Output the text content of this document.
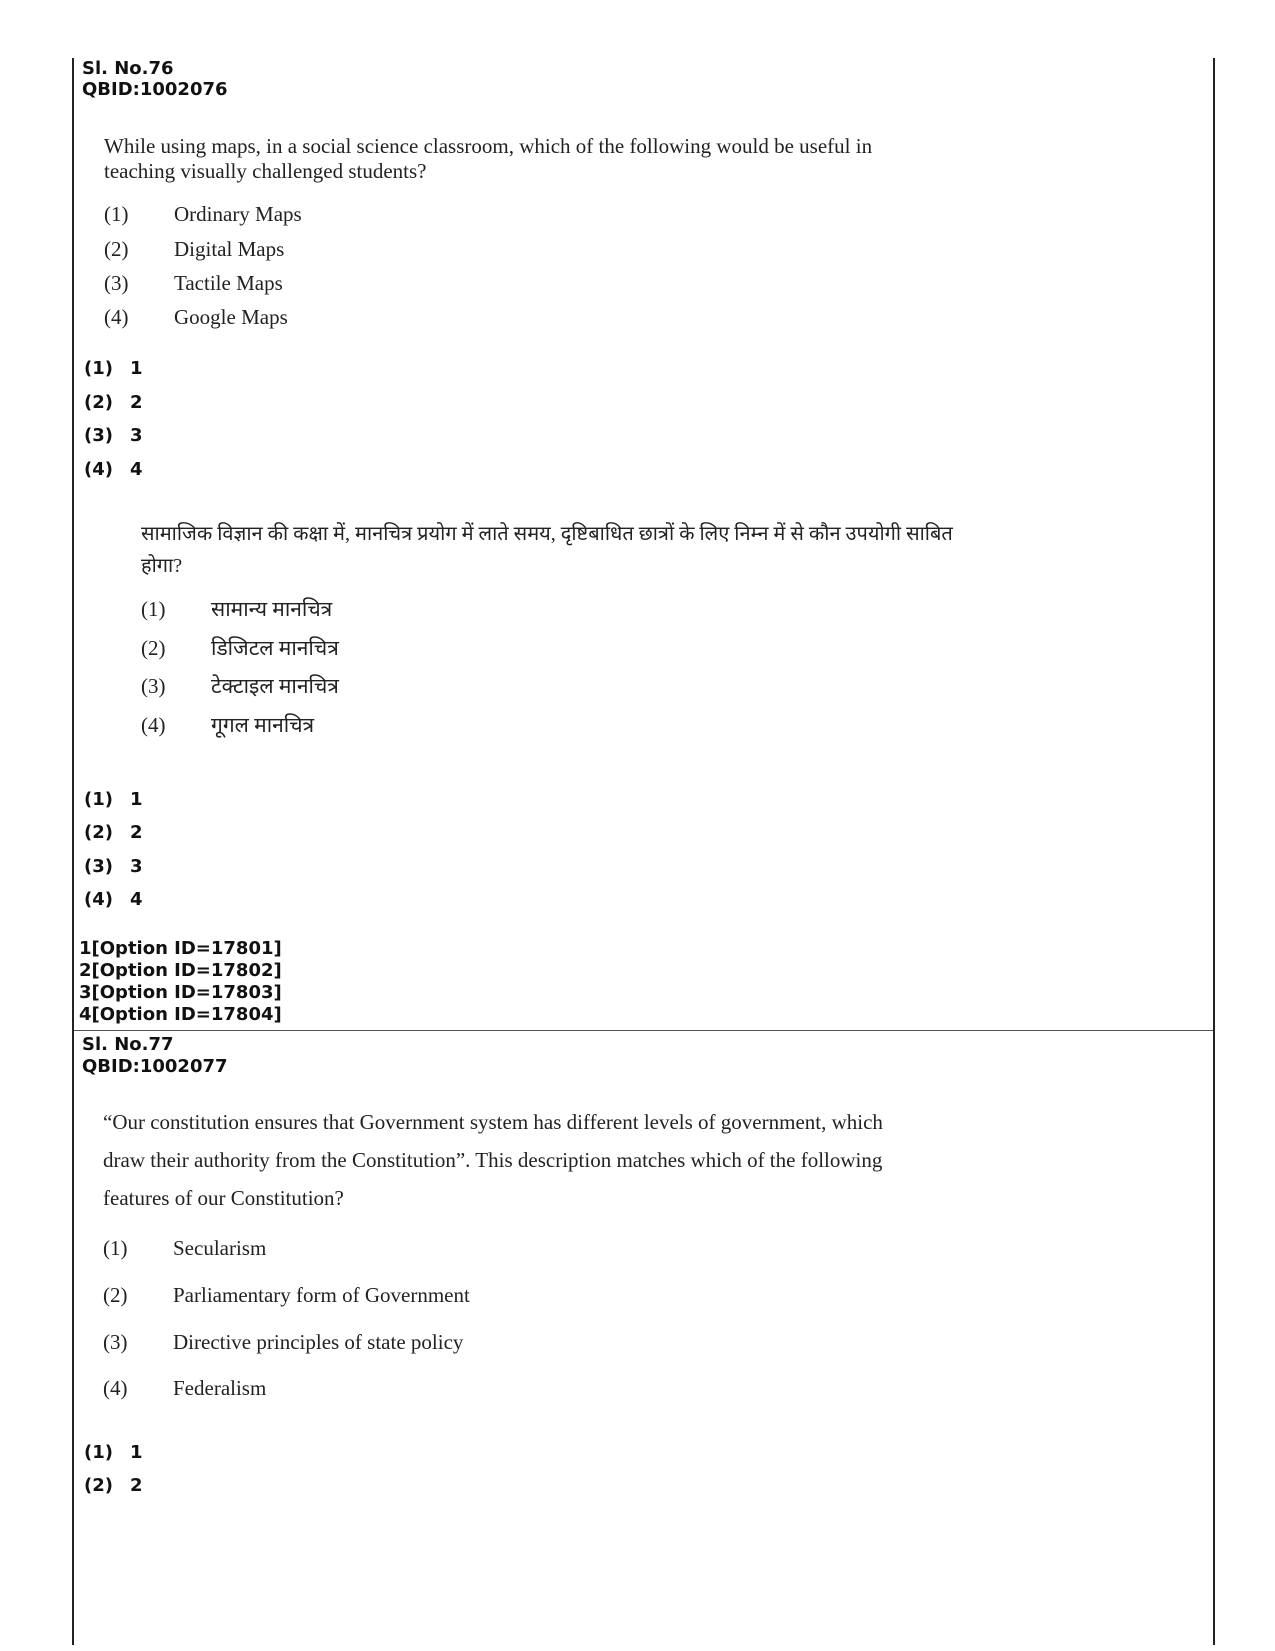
Sl. No.76
QBID:1002076
While using maps, in a social science classroom, which of the following would be useful in
teaching visually challenged students?
(1) Ordinary Maps
(2) Digital Maps
(3) Tactile Maps
(4) Google Maps
(1) 1
(2) 2
(3) 3
(4) 4
सामाजिक विज्ञान की कक्षा में, मानचित्र प्रयोग में लाते समय, दृष्टिबाधित छात्रों के लिए निम्न में से कौन उपयोगी साबित
होगा?
(1) सामान्य मानचित्र
(2) डिजिटल मानचित्र
(3) टेक्टाइल मानचित्र
(4) गूगल मानचित्र
(1) 1
(2) 2
(3) 3
(4) 4
1[Option ID=17801]
2[Option ID=17802]
3[Option ID=17803]
4[Option ID=17804]
Sl. No.77
QBID:1002077
“Our constitution ensures that Government system has different levels of government, which
draw their authority from the Constitution”. This description matches which of the following
features of our Constitution?
(1) Secularism
(2) Parliamentary form of Government
(3) Directive principles of state policy
(4) Federalism
(1) 1
(2) 2
